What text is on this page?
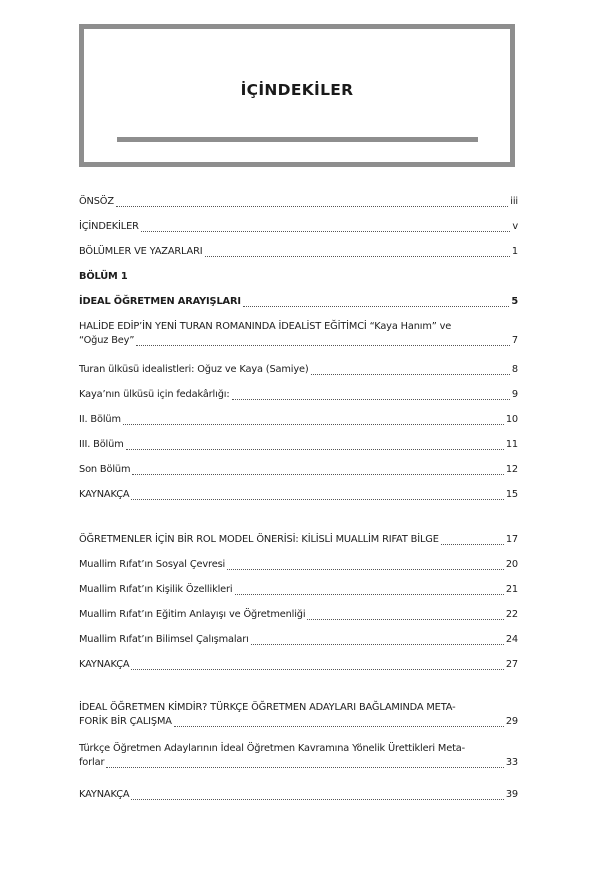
İÇİNDEKİLER
ÖNSÖZ	iii
İÇİNDEKİLER	v
BÖLÜMLER VE YAZARLARI	1
BÖLÜM 1
İDEAL ÖĞRETMEN ARAYIŞLARI	5
HALİDE EDİP’İN YENİ TURAN ROMANINDA İDEALİST EĞİTİMCİ “Kaya Hanım” ve
“Oğuz Bey”	7
Turan ülküsü idealistleri: Oğuz ve Kaya (Samiye)	8
Kaya’nın ülküsü için fedakârlığı:	9
II. Bölüm	10
III. Bölüm	11
Son Bölüm	12
KAYNAKÇA	15
ÖĞRETMENLER İÇİN BİR ROL MODEL ÖNERİSİ: KİLİSLİ MUALLİM RIFAT BİLGE	17
Muallim Rıfat’ın Sosyal Çevresi	20
Muallim Rıfat’ın Kişilik Özellikleri	21
Muallim Rıfat’ın Eğitim Anlayışı ve Öğretmenliği	22
Muallim Rıfat’ın Bilimsel Çalışmaları	24
KAYNAKÇA	27
İDEAL ÖĞRETMEN KİMDİR? TÜRKÇE ÖĞRETMEN ADAYLARI BAĞLAMINDA META-
FORİK BİR ÇALIŞMA	29
Türkçe Öğretmen Adaylarının İdeal Öğretmen Kavramına Yönelik Ürettikleri Meta-
forlar	33
KAYNAKÇA	39
